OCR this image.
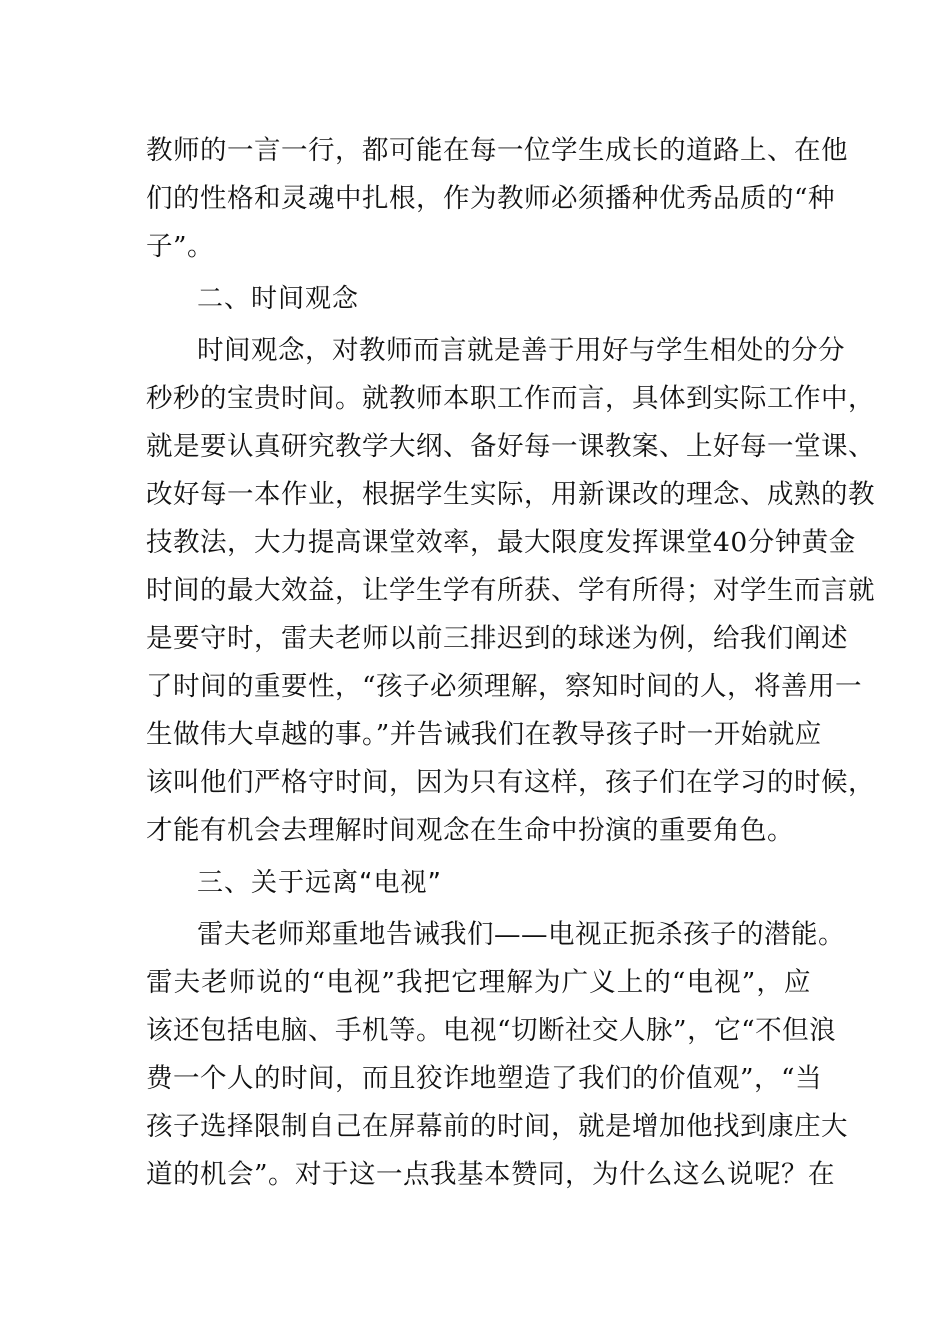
教师的一言一行，都可能在每一位学生成长的道路上、在他
们的性格和灵魂中扎根，作为教师必须播种优秀品质的“种
子”。
二、时间观念
时间观念，对教师而言就是善于用好与学生相处的分分
秒秒的宝贵时间。就教师本职工作而言，具体到实际工作中，
就是要认真研究教学大纲、备好每一课教案、上好每一堂课、
改好每一本作业，根据学生实际，用新课改的理念、成熟的教
技教法，大力提高课堂效率，最大限度发挥课堂40分钟黄金
时间的最大效益，让学生学有所获、学有所得；对学生而言就
是要守时，雷夫老师以前三排迟到的球迷为例，给我们阐述
了时间的重要性，“孩子必须理解，察知时间的人，将善用一
生做伟大卓越的事。”并告诫我们在教导孩子时一开始就应
该叫他们严格守时间，因为只有这样，孩子们在学习的时候，
才能有机会去理解时间观念在生命中扮演的重要角色。
三、关于远离“电视”
雷夫老师郑重地告诫我们——电视正扼杀孩子的潜能。
雷夫老师说的“电视”我把它理解为广义上的“电视”，应
该还包括电脑、手机等。电视“切断社交人脉”，它“不但浪
费一个人的时间，而且狡诈地塑造了我们的价值观”，“当
孩子选择限制自己在屏幕前的时间，就是增加他找到康庄大
道的机会”。对于这一点我基本赞同，为什么这么说呢？在
